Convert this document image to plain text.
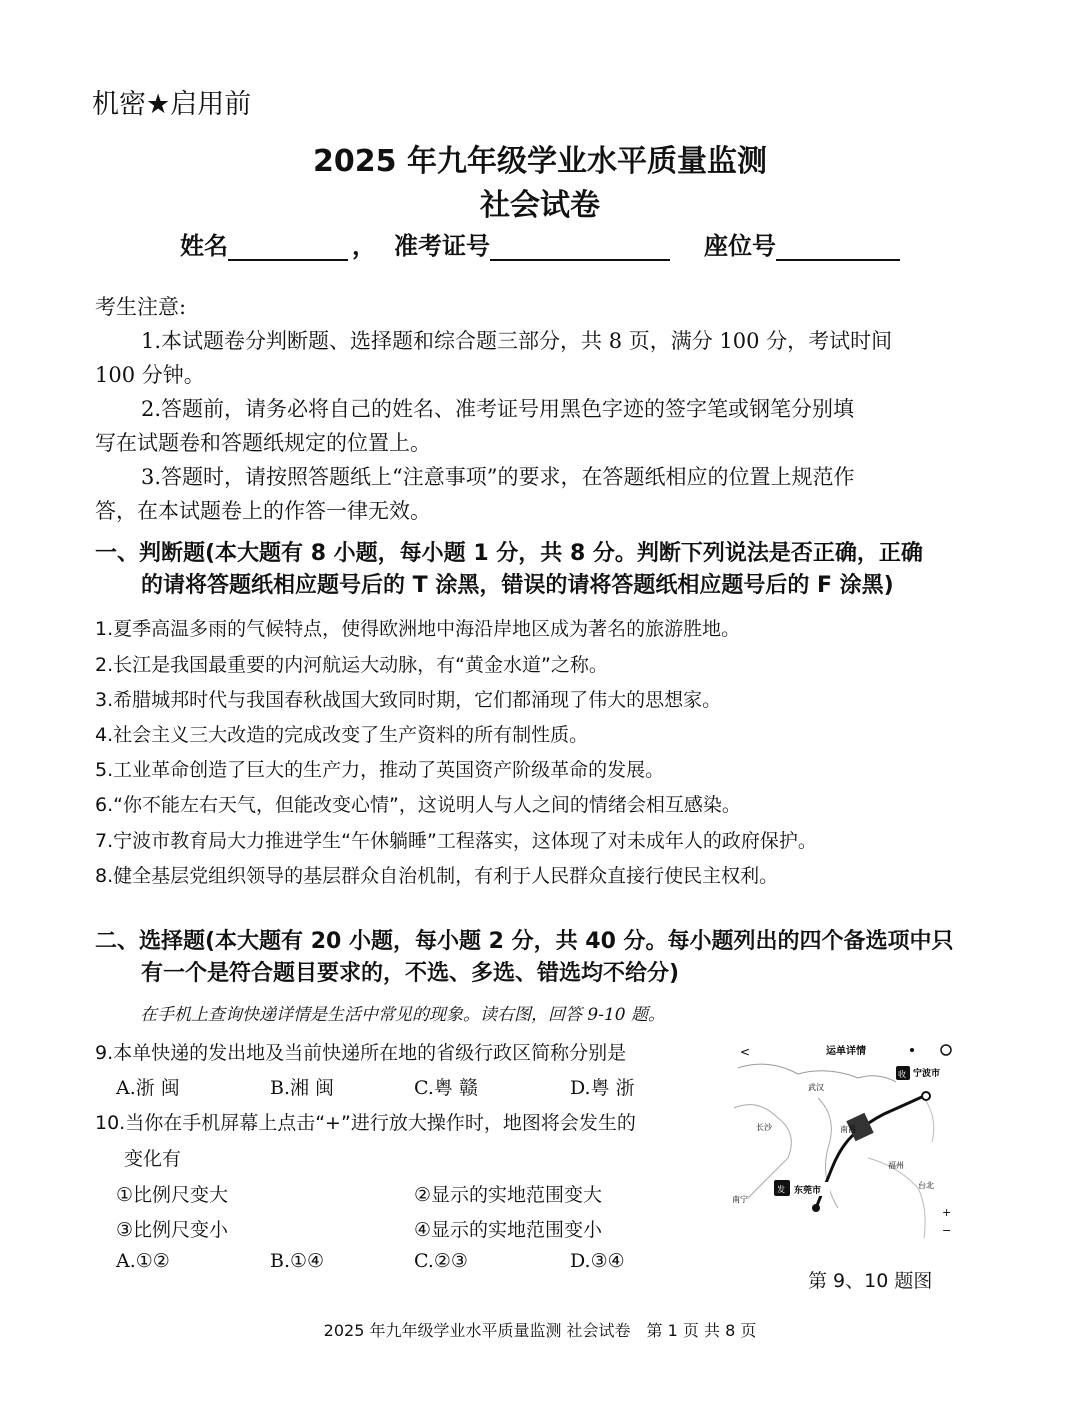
机密★启用前
2025 年九年级学业水平质量监测
社会试卷
姓名	， 准考证号	座位号
考生注意:
1.本试题卷分判断题、选择题和综合题三部分，共 8 页，满分 100 分，考试时间
100 分钟。
2.答题前，请务必将自己的姓名、准考证号用黑色字迹的签字笔或钢笔分别填
写在试题卷和答题纸规定的位置上。
3.答题时，请按照答题纸上“注意事项”的要求，在答题纸相应的位置上规范作
答，在本试题卷上的作答一律无效。
一、判断题(本大题有 8 小题，每小题 1 分，共 8 分。判断下列说法是否正确，正确
的请将答题纸相应题号后的 T 涂黑，错误的请将答题纸相应题号后的 F 涂黑)
1.夏季高温多雨的气候特点，使得欧洲地中海沿岸地区成为著名的旅游胜地。
2.长江是我国最重要的内河航运大动脉，有“黄金水道”之称。
3.希腊城邦时代与我国春秋战国大致同时期，它们都涌现了伟大的思想家。
4.社会主义三大改造的完成改变了生产资料的所有制性质。
5.工业革命创造了巨大的生产力，推动了英国资产阶级革命的发展。
6.“你不能左右天气，但能改变心情”，这说明人与人之间的情绪会相互感染。
7.宁波市教育局大力推进学生“午休躺睡”工程落实，这体现了对未成年人的政府保护。
8.健全基层党组织领导的基层群众自治机制，有利于人民群众直接行使民主权利。
二、选择题(本大题有 20 小题，每小题 2 分，共 40 分。每小题列出的四个备选项中只
有一个是符合题目要求的，不选、多选、错选均不给分)
在手机上查询快递详情是生活中常见的现象。读右图，回答 9-10 题。
9.本单快递的发出地及当前快递所在地的省级行政区简称分别是
A.浙 闽	B.湘 闽	C.粤 赣	D.粤 浙
10.当你在手机屏幕上点击“+”进行放大操作时，地图将会发生的
变化有
①比例尺变大	②显示的实地范围变大
③比例尺变小	④显示的实地范围变小
A.①②	B.①④	C.②③	D.③④
<	运单详情
收 宁波市
武汉
长沙	南昌
福州
台北
南宁
发 东莞市
+
−
第 9、10 题图
2025 年九年级学业水平质量监测 社会试卷　第 1 页 共 8 页
